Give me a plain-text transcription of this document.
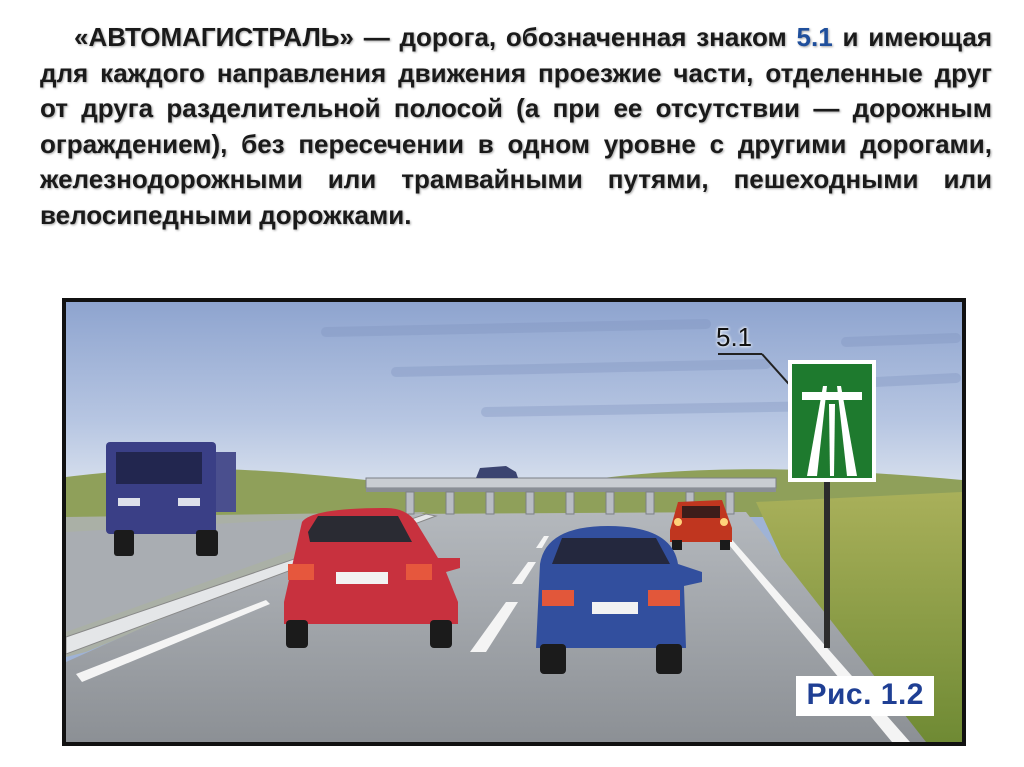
«АВТОМАГИСТРАЛЬ» — дорога, обозначенная знаком 5.1 и имеющая для каждого направления движения проезжие части, отделенные друг от друга разделительной полосой (а при ее отсутствии — дорожным ограждением), без пересечении в одном уровне с другими дорогами, железнодорожными или трамвайными путями, пешеходными или велосипедными дорожками.

5.1
Рис. 1.2
